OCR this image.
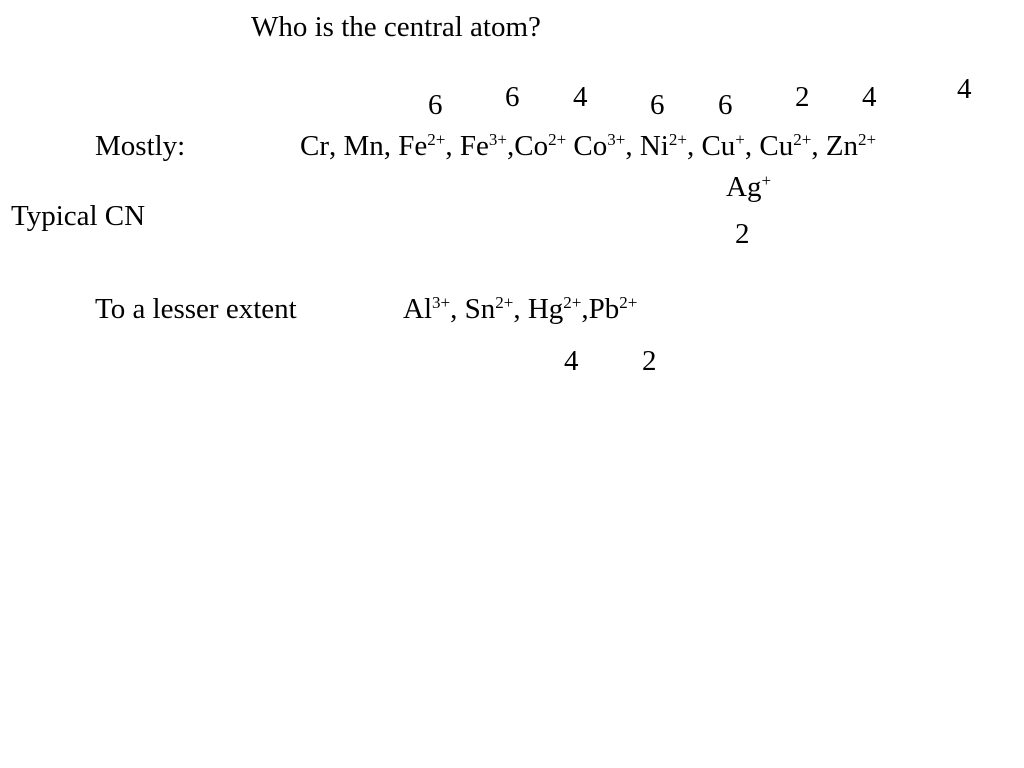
Who is the central atom?
6 6 4 6 6 2 4	4
Mostly:	Cr, Mn, $Fe^{2+}$, $Fe^{3+},Co^{2+}$ $Co^{3+}$, $Ni^{2+}$, Cu+, $Cu^{2+}$, $Zn^{2+}$
Ag+
2
Typical CN
To a lesser extent	$Al^{3+}$, $Sn^{2+}$, $Hg^{2+},Pb^{2+}$
4 2
